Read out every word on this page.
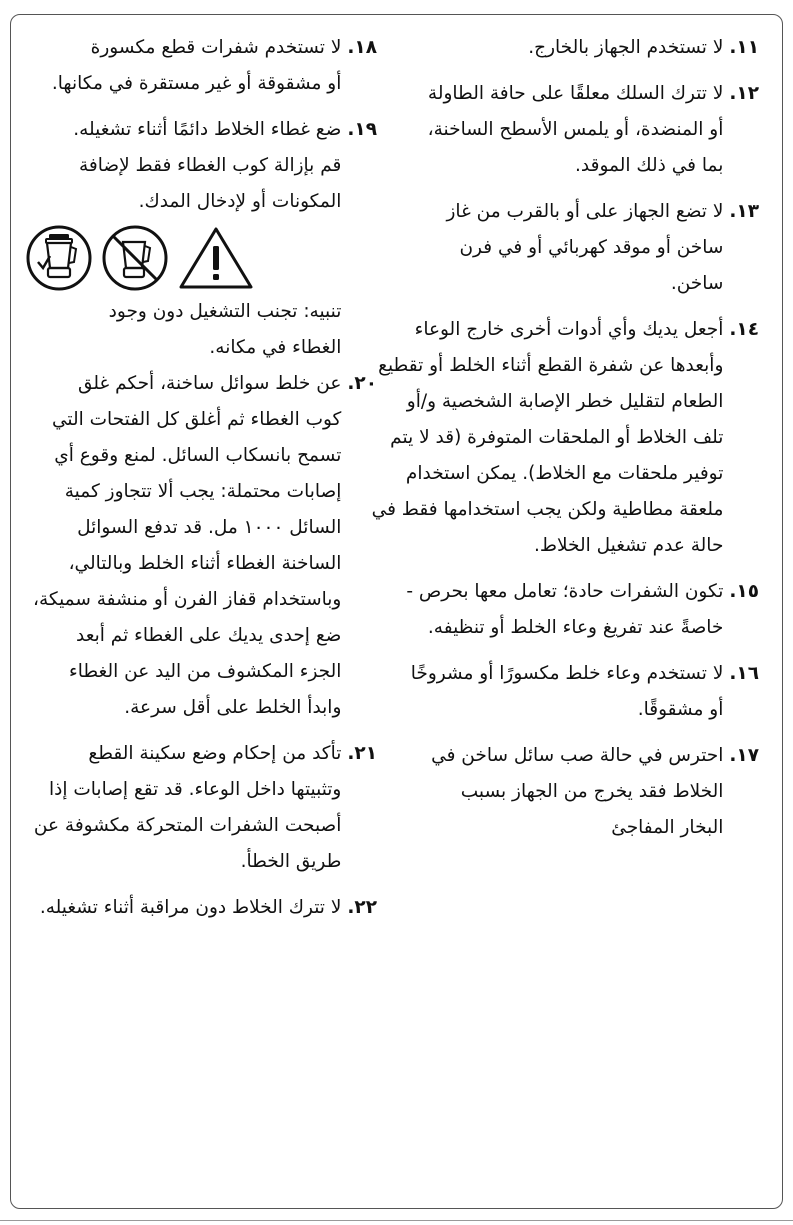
١١.
لا تستخدم الجهاز بالخارج.
١٢.
لا تترك السلك معلقًا على حافة الطاولة
أو المنضدة، أو يلمس الأسطح الساخنة،
بما في ذلك الموقد.
١٣.
لا تضع الجهاز على أو بالقرب من غاز
ساخن أو موقد كهربائي أو في فرن
ساخن.
١٤.
أجعل يديك وأي أدوات أخرى خارج الوعاء
وأبعدها عن شفرة القطع أثناء الخلط أو تقطيع
الطعام لتقليل خطر الإصابة الشخصية و/أو
تلف الخلاط أو الملحقات المتوفرة (قد لا يتم
توفير ملحقات مع الخلاط). يمكن استخدام
ملعقة مطاطية ولكن يجب استخدامها فقط في
حالة عدم تشغيل الخلاط.
١٥.
تكون الشفرات حادة؛ تعامل معها بحرص -
خاصةً عند تفريغ وعاء الخلط أو تنظيفه.
١٦.
لا تستخدم وعاء خلط مكسورًا أو مشروخًا
أو مشقوقًا.
١٧.
احترس في حالة صب سائل ساخن في
الخلاط فقد يخرج من الجهاز بسبب
البخار المفاجئ
١٨.
لا تستخدم شفرات قطع مكسورة
أو مشقوقة أو غير مستقرة في مكانها.
١٩.
ضع غطاء الخلاط دائمًا أثناء تشغيله.
قم بإزالة كوب الغطاء فقط لإضافة
المكونات أو لإدخال المدك.
تنبيه: تجنب التشغيل دون وجود
الغطاء في مكانه.
٢٠.
عن خلط سوائل ساخنة، أحكم غلق
كوب الغطاء ثم أغلق كل الفتحات التي
تسمح بانسكاب السائل. لمنع وقوع أي
إصابات محتملة: يجب ألا تتجاوز كمية
السائل ١٠٠٠ مل. قد تدفع السوائل
الساخنة الغطاء أثناء الخلط وبالتالي،
وباستخدام قفاز الفرن أو منشفة سميكة،
ضع إحدى يديك على الغطاء ثم أبعد
الجزء المكشوف من اليد عن الغطاء
وابدأ الخلط على أقل سرعة.
٢١.
تأكد من إحكام وضع سكينة القطع
وتثبيتها داخل الوعاء. قد تقع إصابات إذا
أصبحت الشفرات المتحركة مكشوفة عن
طريق الخطأ.
٢٢.
لا تترك الخلاط دون مراقبة أثناء تشغيله.
